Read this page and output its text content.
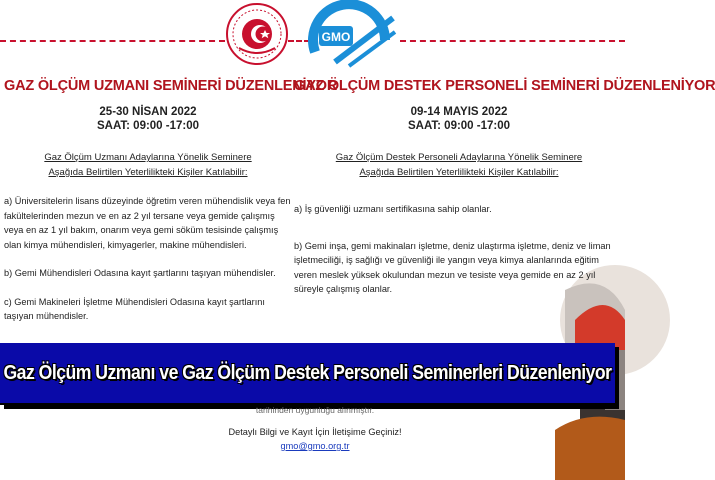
GMO
GAZ ÖLÇÜM UZMANI SEMİNERİ DÜZENLENİYOR
25-30 NİSAN 2022
SAAT: 09:00 -17:00
Gaz Ölçüm Uzmanı Adaylarına Yönelik Seminere
Aşağıda Belirtilen Yeterlilikteki Kişiler Katılabilir:
a) Üniversitelerin lisans düzeyinde öğretim veren mühendislik veya fen fakültelerinden mezun ve en az 2 yıl tersane veya gemide çalışmış veya en az 1 yıl bakım, onarım veya gemi söküm tesisinde çalışmış olan kimya mühendisleri, kimyagerler, makine mühendisleri.
b) Gemi Mühendisleri Odasına kayıt şartlarını taşıyan mühendisler.
c) Gemi Makineleri İşletme Mühendisleri Odasına kayıt şartlarını taşıyan mühendisler.
GAZ ÖLÇÜM DESTEK PERSONELİ SEMİNERİ DÜZENLENİYOR
09-14 MAYIS 2022
SAAT: 09:00 -17:00
Gaz Ölçüm Destek Personeli Adaylarına Yönelik Seminere
Aşağıda Belirtilen Yeterlilikteki Kişiler Katılabilir:
a) İş güvenliği uzmanı sertifikasına sahip olanlar.
b) Gemi inşa, gemi makinaları işletme, deniz ulaştırma işletme, deniz ve liman işletmeciliği, iş sağlığı ve güvenliği ile yangın veya kimya alanlarında eğitim veren meslek yüksek okulundan mezun ve tesiste veya gemide en az 2 yıl süreyle çalışmış olanlar.
Gaz Ölçüm Uzmanı ve Gaz Ölçüm Destek Personeli Seminerleri Düzenleniyor
tarihinden uygunluğu alınmıştır.
Detaylı Bilgi ve Kayıt İçin İletişime Geçiniz!
gmo@gmo.org.tr
